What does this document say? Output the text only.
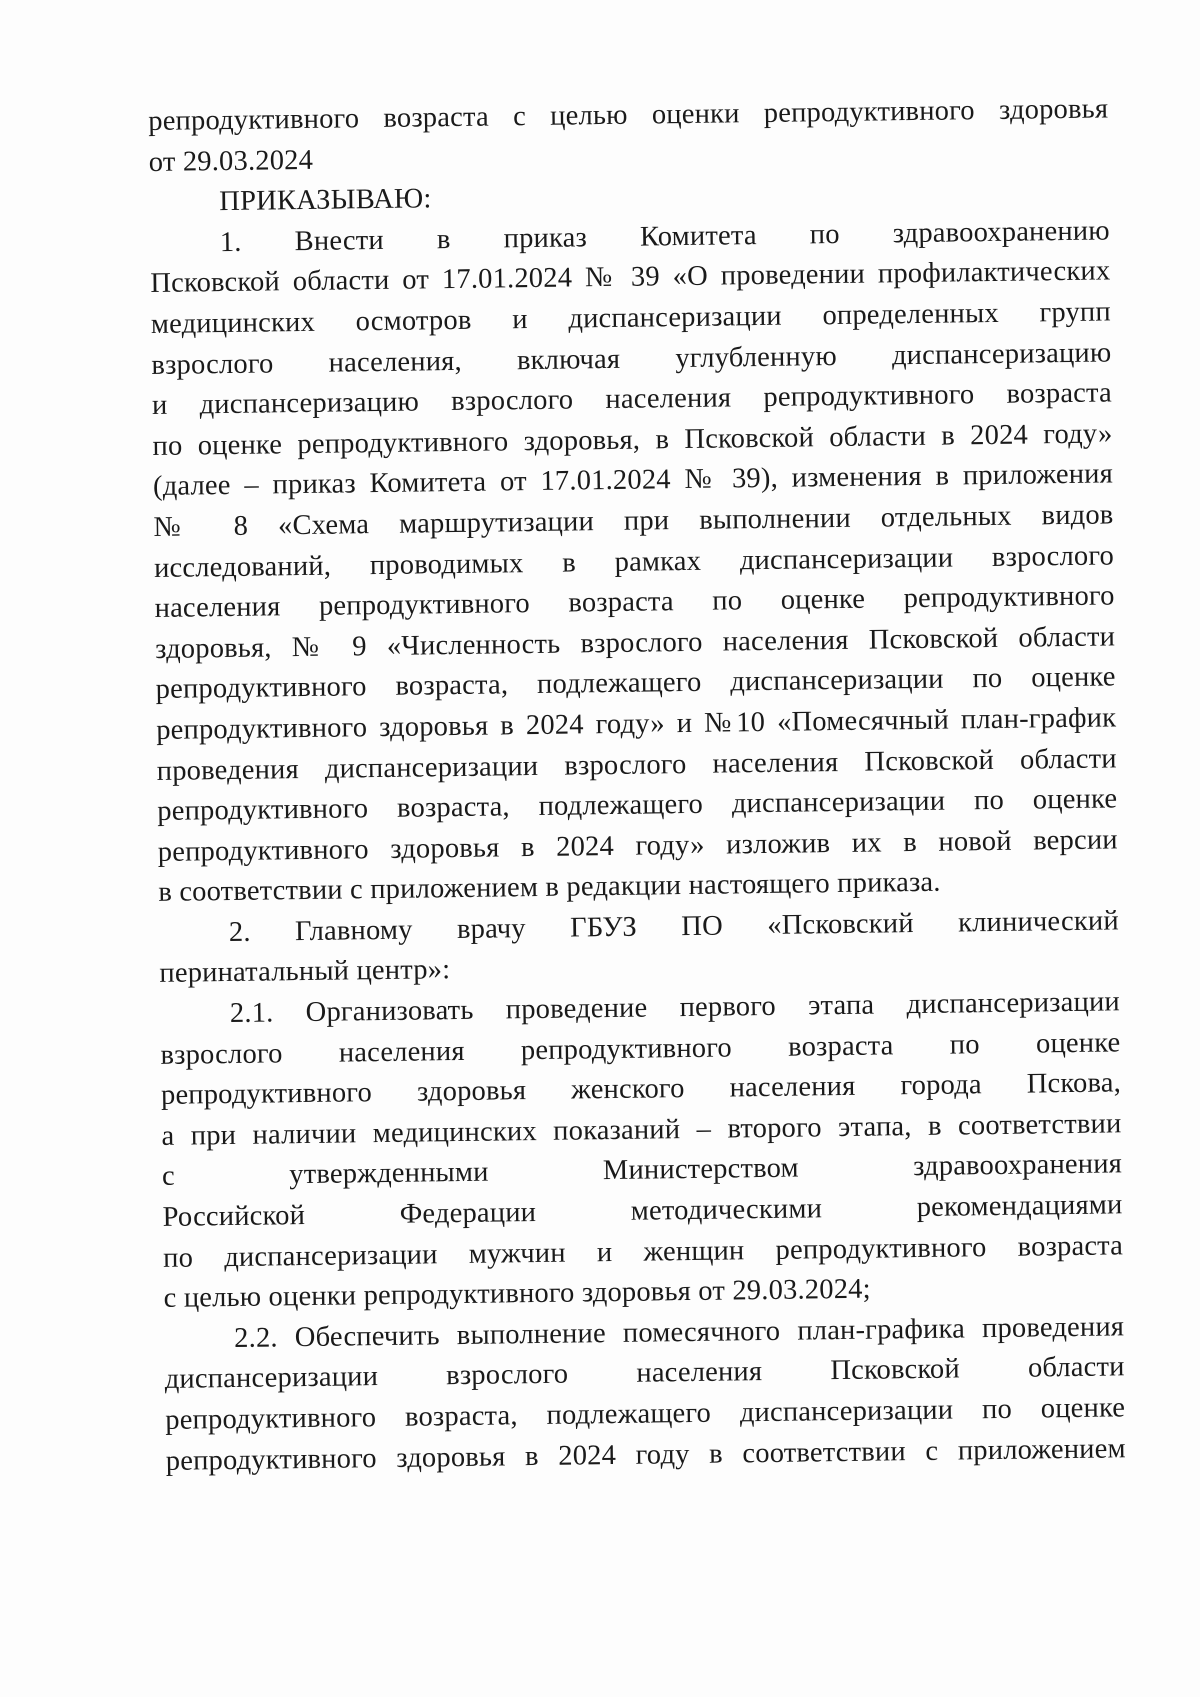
репродуктивного возраста с целью оценки репродуктивного здоровья
от 29.03.2024
ПРИКАЗЫВАЮ:
1. Внести в приказ Комитета по здравоохранению
Псковской области от 17.01.2024 № 39 «О проведении профилактических
медицинских осмотров и диспансеризации определенных групп
взрослого населения, включая углубленную диспансеризацию
и диспансеризацию взрослого населения репродуктивного возраста
по оценке репродуктивного здоровья, в Псковской области в 2024 году»
(далее – приказ Комитета от 17.01.2024 № 39), изменения в приложения
№ 8 «Схема маршрутизации при выполнении отдельных видов
исследований, проводимых в рамках диспансеризации взрослого
населения репродуктивного возраста по оценке репродуктивного
здоровья, № 9 «Численность взрослого населения Псковской области
репродуктивного возраста, подлежащего диспансеризации по оценке
репродуктивного здоровья в 2024 году» и №10 «Помесячный план-график
проведения диспансеризации взрослого населения Псковской области
репродуктивного возраста, подлежащего диспансеризации по оценке
репродуктивного здоровья в 2024 году» изложив их в новой версии
в соответствии с приложением в редакции настоящего приказа.
2. Главному врачу ГБУЗ ПО «Псковский клинический
перинатальный центр»:
2.1. Организовать проведение первого этапа диспансеризации
взрослого населения репродуктивного возраста по оценке
репродуктивного здоровья женского населения города Пскова,
а при наличии медицинских показаний – второго этапа, в соответствии
с утвержденными Министерством здравоохранения
Российской Федерации методическими рекомендациями
по диспансеризации мужчин и женщин репродуктивного возраста
с целью оценки репродуктивного здоровья от 29.03.2024;
2.2. Обеспечить выполнение помесячного план-графика проведения
диспансеризации взрослого населения Псковской области
репродуктивного возраста, подлежащего диспансеризации по оценке
репродуктивного здоровья в 2024 году в соответствии с приложением
